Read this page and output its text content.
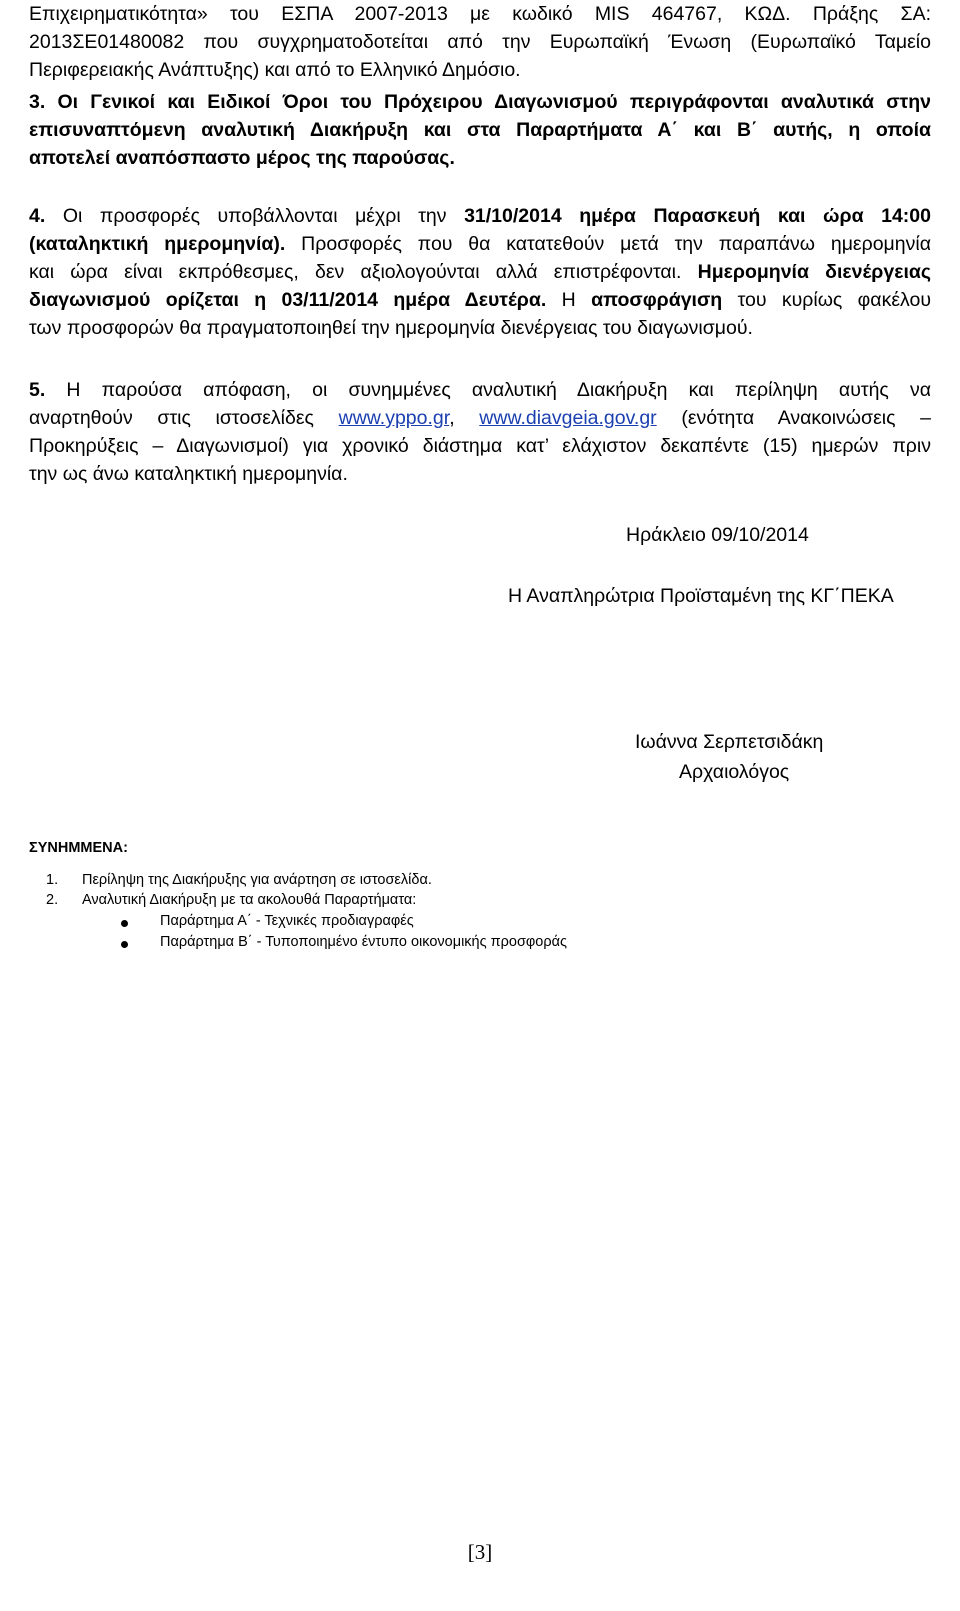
Επιχειρηματικότητα» του ΕΣΠΑ 2007-2013 με κωδικό MIS 464767, ΚΩΔ. Πράξης ΣΑ:
2013ΣΕ01480082 που συγχρηματοδοτείται από την Ευρωπαϊκή Ένωση (Ευρωπαϊκό Ταμείο
Περιφερειακής Ανάπτυξης) και από το Ελληνικό Δημόσιο.
3. Οι Γενικοί και Ειδικοί Όροι του Πρόχειρου Διαγωνισμού περιγράφονται αναλυτικά στην
επισυναπτόμενη αναλυτική Διακήρυξη και στα Παραρτήματα Α΄ και Β΄ αυτής, η οποία
αποτελεί αναπόσπαστο μέρος της παρούσας.
4. Οι προσφορές υποβάλλονται μέχρι την 31/10/2014 ημέρα Παρασκευή και ώρα 14:00
(καταληκτική ημερομηνία). Προσφορές που θα κατατεθούν μετά την παραπάνω ημερομηνία
και ώρα είναι εκπρόθεσμες, δεν αξιολογούνται αλλά επιστρέφονται. Ημερομηνία διενέργειας
διαγωνισμού ορίζεται η 03/11/2014 ημέρα Δευτέρα. Η αποσφράγιση του κυρίως φακέλου
των προσφορών θα πραγματοποιηθεί την ημερομηνία διενέργειας του διαγωνισμού.
5. Η παρούσα απόφαση, οι συνημμένες αναλυτική Διακήρυξη και περίληψη αυτής να
αναρτηθούν στις ιστοσελίδες www.yppo.gr, www.diavgeia.gov.gr (ενότητα Ανακοινώσεις –
Προκηρύξεις – Διαγωνισμοί) για χρονικό διάστημα κατ’ ελάχιστον δεκαπέντε (15) ημερών πριν
την ως άνω καταληκτική ημερομηνία.
Ηράκλειο 09/10/2014
Η Αναπληρώτρια Προϊσταμένη της ΚΓ΄ΠΕΚΑ
Ιωάννα Σερπετσιδάκη
Αρχαιολόγος
ΣΥΝΗΜΜΕΝΑ:
1. Περίληψη της Διακήρυξης για ανάρτηση σε ιστοσελίδα.
2. Αναλυτική Διακήρυξη με τα ακολουθά Παραρτήματα:
Παράρτημα Α΄ - Τεχνικές προδιαγραφές
Παράρτημα Β΄ - Τυποποιημένο έντυπο οικονομικής προσφοράς
[3]
